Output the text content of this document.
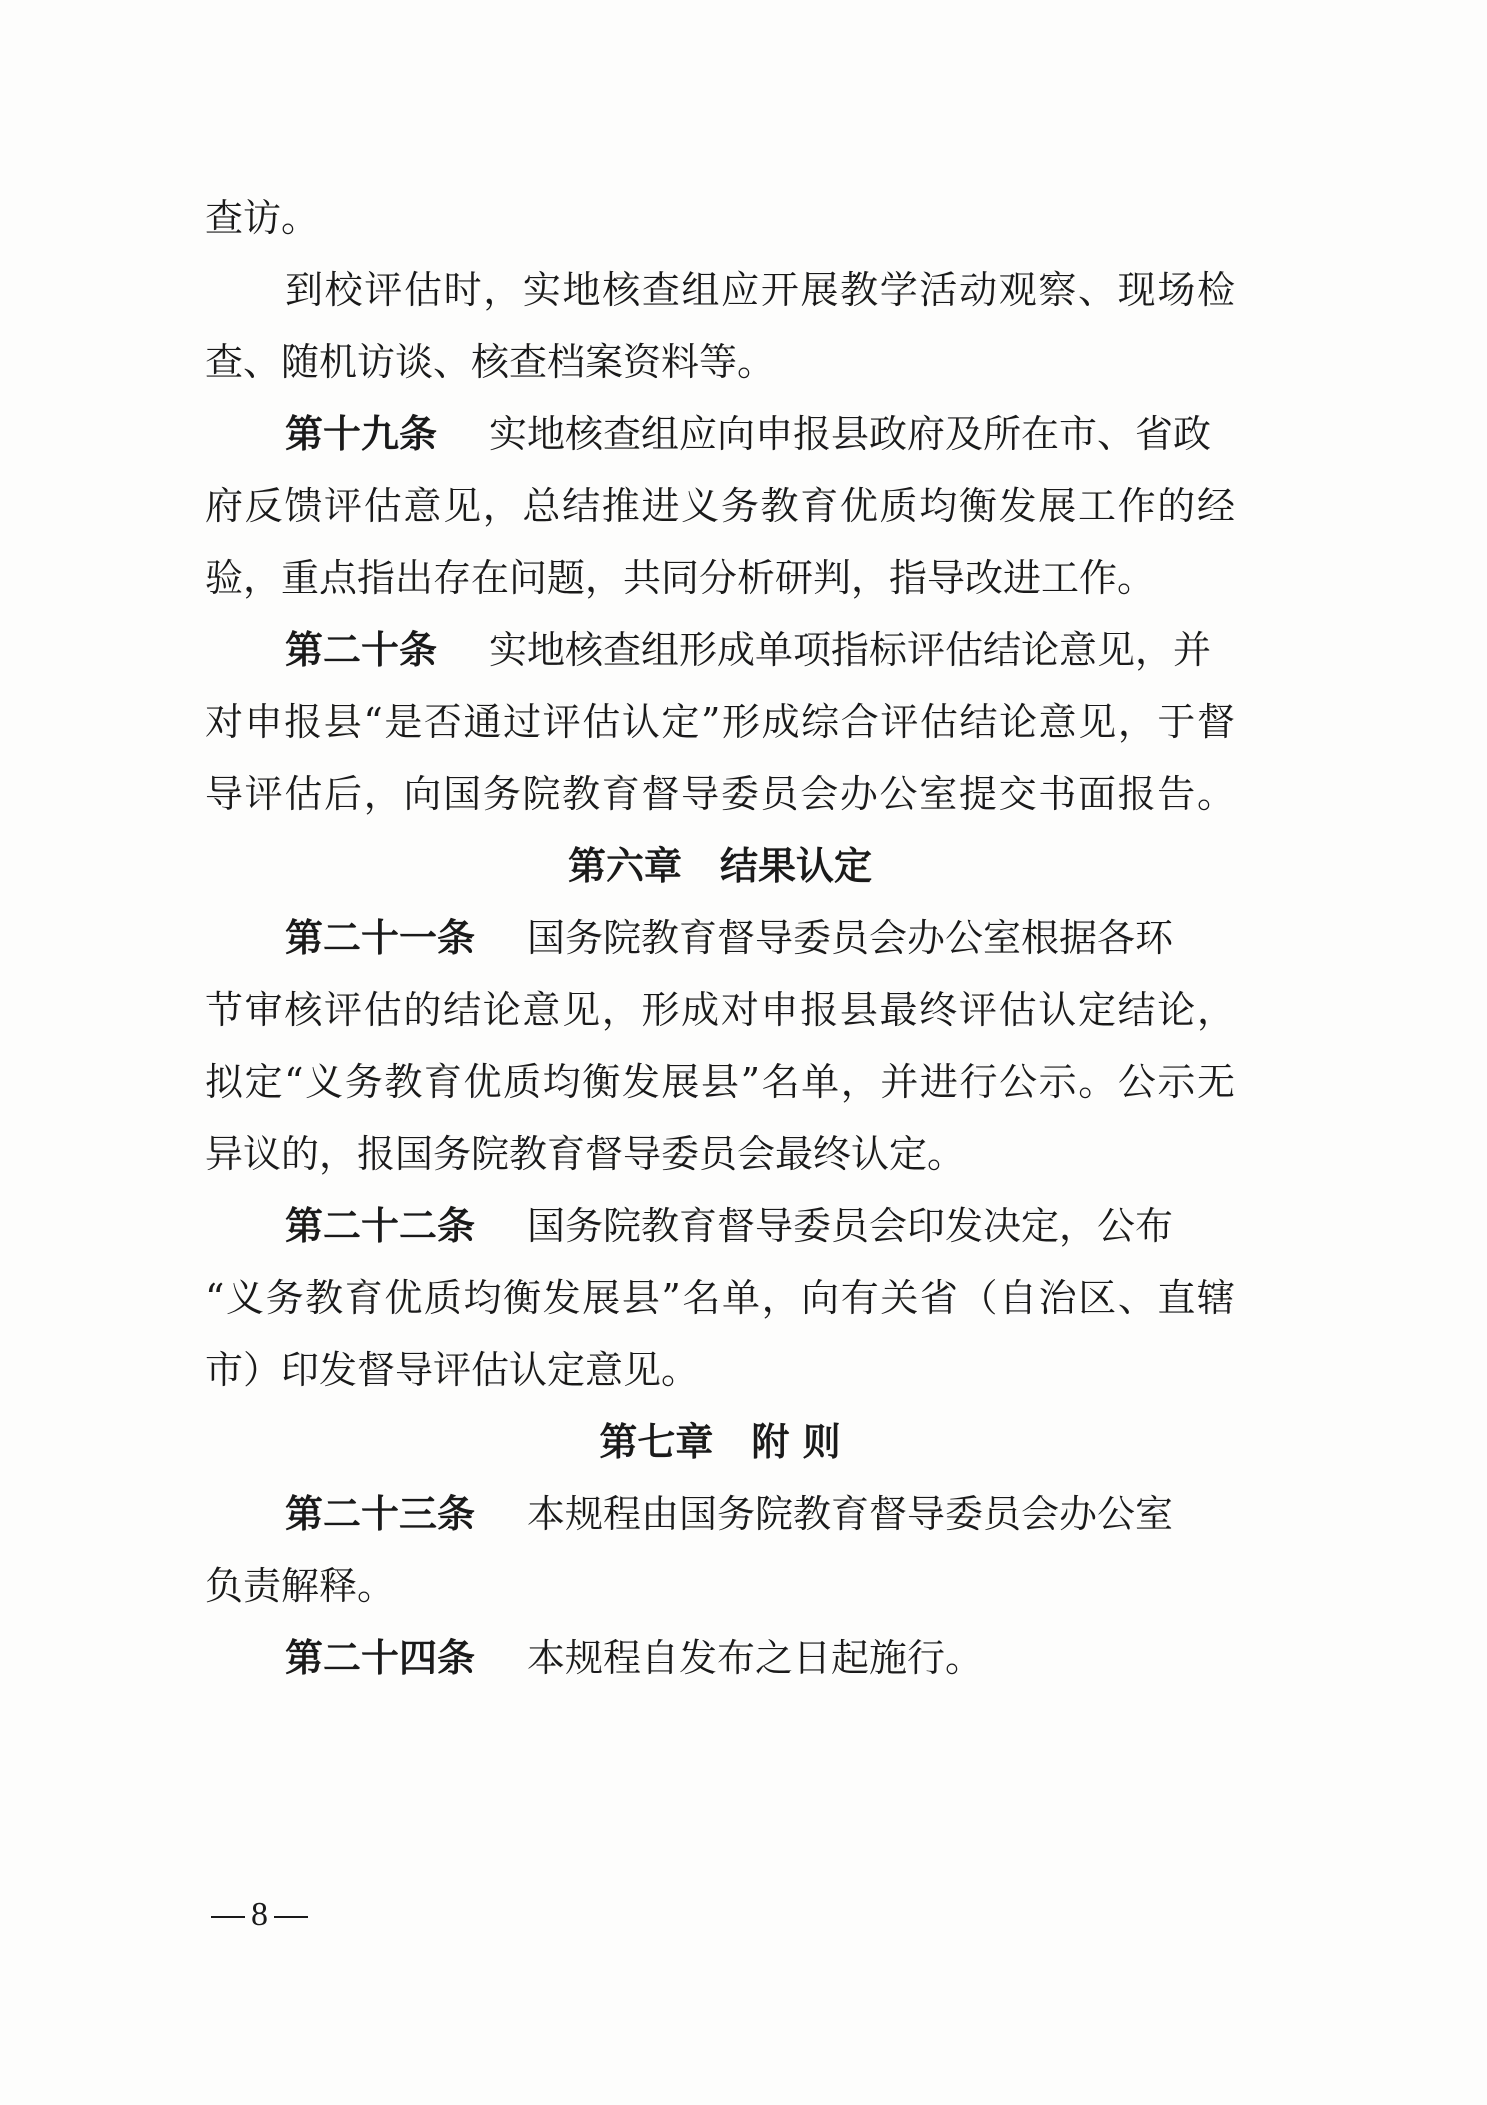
查访。
到校评估时，实地核查组应开展教学活动观察、现场检
查、随机访谈、核查档案资料等。
第十九条 实地核查组应向申报县政府及所在市、省政
府反馈评估意见，总结推进义务教育优质均衡发展工作的经
验，重点指出存在问题，共同分析研判，指导改进工作。
第二十条 实地核查组形成单项指标评估结论意见，并
对申报县“是否通过评估认定”形成综合评估结论意见，于督
导评估后，向国务院教育督导委员会办公室提交书面报告。
第六章 结果认定
第二十一条 国务院教育督导委员会办公室根据各环
节审核评估的结论意见，形成对申报县最终评估认定结论，
拟定“义务教育优质均衡发展县”名单，并进行公示。公示无
异议的，报国务院教育督导委员会最终认定。
第二十二条 国务院教育督导委员会印发决定，公布
“义务教育优质均衡发展县”名单，向有关省（自治区、直辖
市）印发督导评估认定意见。
第七章 附 则
第二十三条 本规程由国务院教育督导委员会办公室
负责解释。
第二十四条 本规程自发布之日起施行。
8
